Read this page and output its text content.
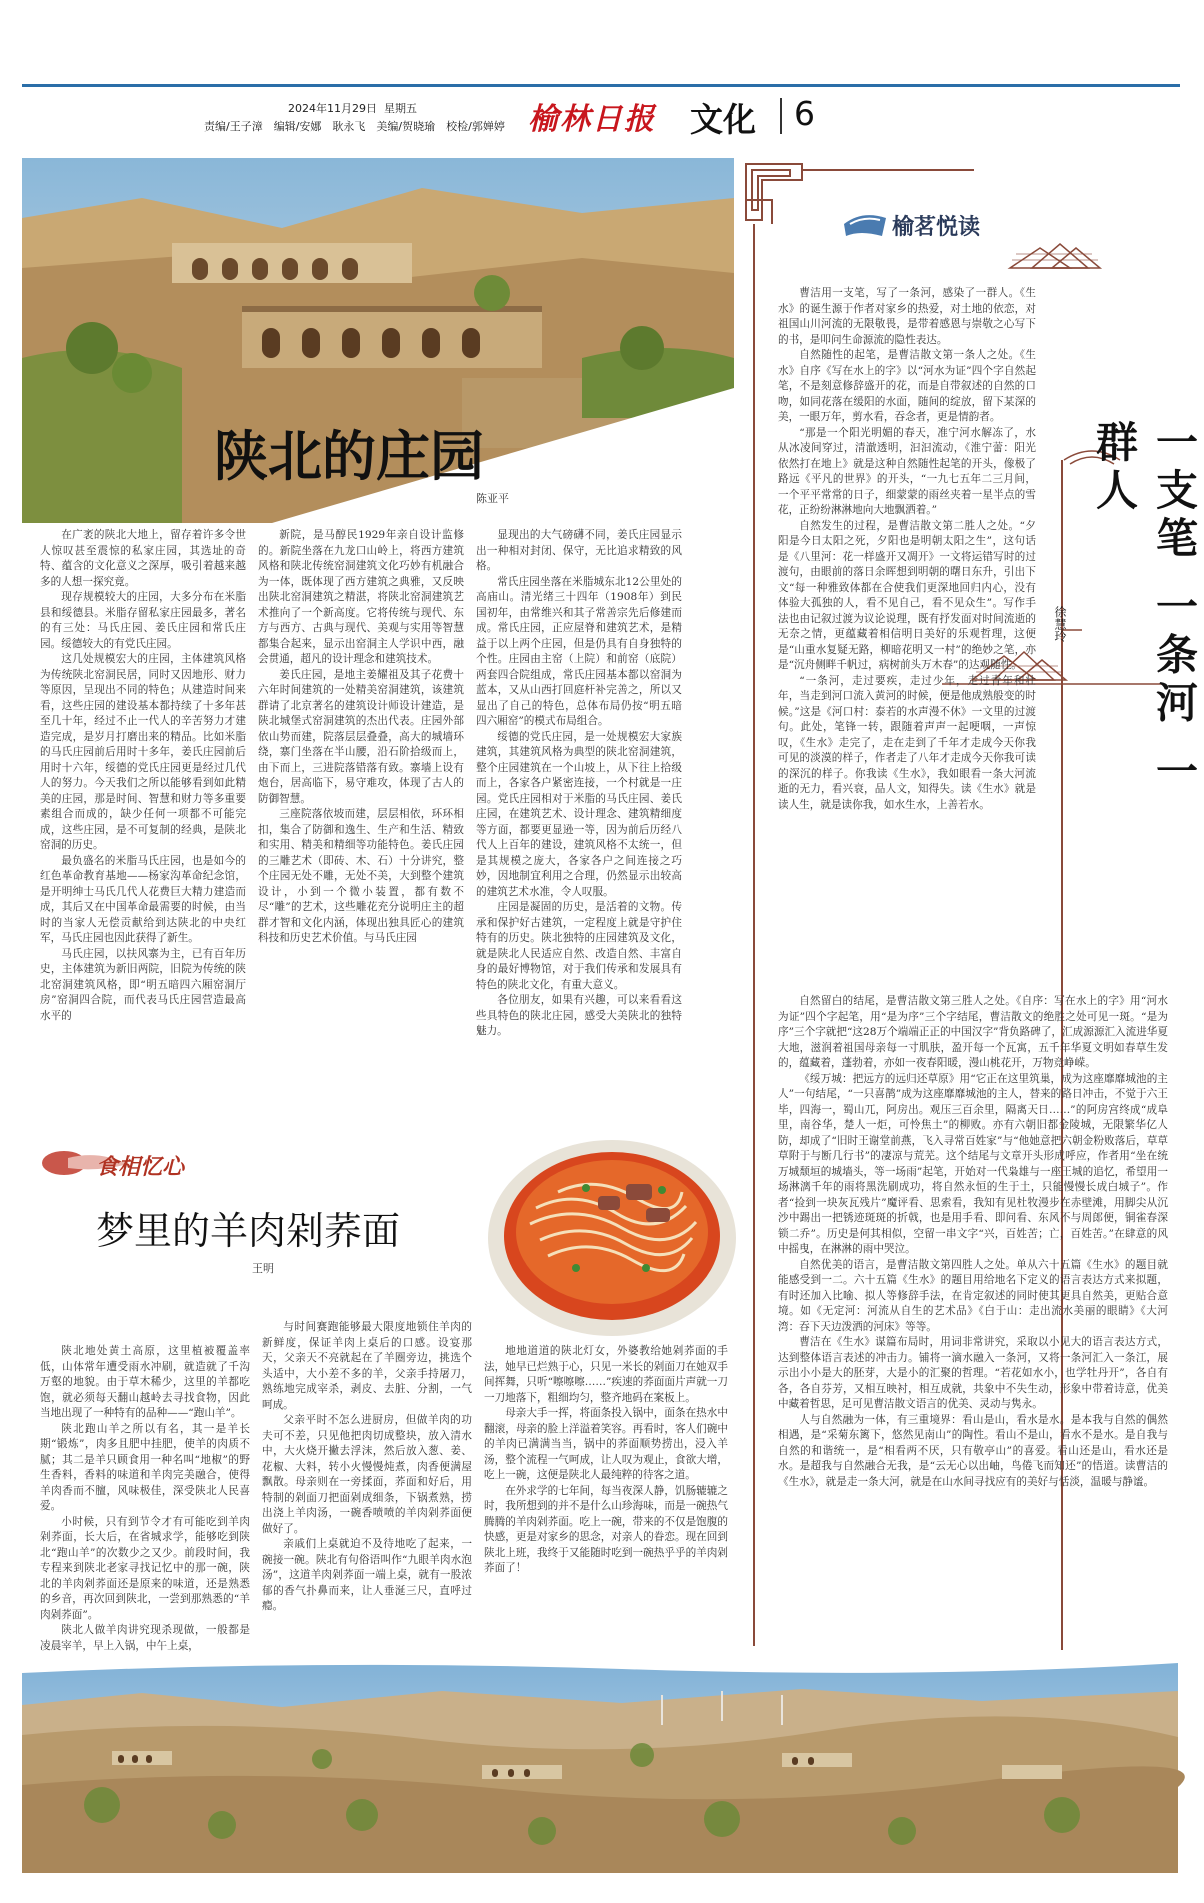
2024年11月29日 星期五
责编/王子漳　编辑/安娜　耿永飞　美编/贺晓瑜　校检/郭婵婷 榆林日报 文化 6
陕北的庄园
陈亚平

在广袤的陕北大地上，留存着许多令世人惊叹甚至震惊的私家庄园，其选址的奇特、蕴含的文化意义之深厚，吸引着越来越多的人想一探究竟。

现存规模较大的庄园，大多分布在米脂县和绥德县。米脂存留私家庄园最多，著名的有三处：马氏庄园、姜氏庄园和常氏庄园。绥德较大的有党氏庄园。

这几处规模宏大的庄园，主体建筑风格为传统陕北窑洞民居，同时又因地形、财力等原因，呈现出不同的特色；从建造时间来看，这些庄园的建设基本都持续了十多年甚至几十年，经过不止一代人的辛苦努力才建造完成，是岁月打磨出来的精品。比如米脂的马氏庄园前后用时十多年，姜氏庄园前后用时十六年，绥德的党氏庄园更是经过几代人的努力。今天我们之所以能够看到如此精美的庄园，那是时间、智慧和财力等多重要素组合而成的，缺少任何一项都不可能完成，这些庄园，是不可复制的经典，是陕北窑洞的历史。

最负盛名的米脂马氏庄园，也是如今的红色革命教育基地——杨家沟革命纪念馆，是开明绅士马氏几代人花费巨大精力建造而成，其后又在中国革命最需要的时候，由当时的当家人无偿贡献给到达陕北的中央红军，马氏庄园也因此获得了新生。

马氏庄园，以扶风寨为主，已有百年历史，主体建筑为新旧两院，旧院为传统的陕北窑洞建筑风格，即“明五暗四六厢窑洞厅房”窑洞四合院，而代表马氏庄园营造最高水平的

新院，是马醇民1929年亲自设计监修的。新院坐落在九龙口山岭上，将西方建筑风格和陕北传统窑洞建筑文化巧妙有机融合为一体，既体现了西方建筑之典雅，又反映出陕北窑洞建筑之精湛，将陕北窑洞建筑艺术推向了一个新高度。它将传统与现代、东方与西方、古典与现代、美观与实用等智慧都集合起来，显示出窑洞主人学识中西，融会贯通，超凡的设计理念和建筑技术。

姜氏庄园，是地主姜耀祖及其子花费十六年时间建筑的一处精美窑洞建筑，该建筑群请了北京著名的建筑设计师设计建造，是陕北城堡式窑洞建筑的杰出代表。庄园外部依山势而建，院落层层叠叠，高大的城墙环绕，寨门坐落在半山腰，沿石阶拾级而上，由下而上，三进院落错落有致。寨墙上设有炮台，居高临下，易守难攻，体现了古人的防御智慧。

三座院落依坡而建，层层相依，环环相扣，集合了防御和逸生、生产和生活、精致和实用、精美和精细等功能特色。姜氏庄园的三雕艺术（即砖、木、石）十分讲究，整个庄园无处不雕，无处不美，大到整个建筑设计，小到一个微小装置，都有数不尽“雕”的艺术，这些雕花充分说明庄主的超群才智和文化内涵，体现出独具匠心的建筑科技和历史艺术价值。与马氏庄园

显现出的大气磅礴不同，姜氏庄园显示出一种相对封闭、保守，无比追求精致的风格。

常氏庄园坐落在米脂城东北12公里处的高庙山。清光绪三十四年（1908年）到民国初年，由常维兴和其子常善宗先后修建而成。常氏庄园，正应屋脊和建筑艺术，是精益于以上两个庄园，但是仍具有自身独特的个性。庄园由主窑（上院）和前窑（底院）两套四合院组成，常氏庄园基本都以窑洞为蓝本，又从山西打回庭杆补完善之，所以又显出了自己的特色，总体布局仍按“明五暗四六厢窑”的模式布局组合。

绥德的党氏庄园，是一处规模宏大家族建筑，其建筑风格为典型的陕北窑洞建筑，整个庄园建筑在一个山坡上，从下往上拾级而上，各家各户紧密连接，一个村就是一庄园。党氏庄园相对于米脂的马氏庄园、姜氏庄园，在建筑艺术、设计理念、建筑精细度等方面，都要更显逊一等，因为前后历经八代人上百年的建设，建筑风格不太统一，但是其规模之庞大，各家各户之间连接之巧妙，因地制宜利用之合理，仍然显示出较高的建筑艺术水准，令人叹服。

庄园是凝固的历史，是活着的文物。传承和保护好古建筑，一定程度上就是守护住特有的历史。陕北独特的庄园建筑及文化，就是陕北人民适应自然、改造自然、丰富自身的最好博物馆，对于我们传承和发展具有特色的陕北文化，有重大意义。

各位朋友，如果有兴趣，可以来看看这些具特色的陕北庄园，感受大美陕北的独特魅力。

食相忆心
梦里的羊肉剁荞面
王明

陕北地处黄土高原，这里植被覆盖率低，山体常年遭受雨水冲刷，就造就了千沟万壑的地貌。由于草木稀少，这里的羊都吃饱，就必须每天翻山越岭去寻找食物，因此当地出现了一种特有的品种——“跑山羊”。

陕北跑山羊之所以有名，其一是羊长期“锻炼”，肉多且肥中挂肥，使羊的肉质不腻；其二是羊只顾食用一种名叫“地椒”的野生香料，香料的味道和羊肉完美融合，使得羊肉香而不膻，风味极佳，深受陕北人民喜爱。

小时候，只有到节令才有可能吃到羊肉剁荞面，长大后，在省城求学，能够吃到陕北“跑山羊”的次数少之又少。前段时间，我专程来到陕北老家寻找记忆中的那一碗，陕北的羊肉剁荞面还是原来的味道，还是熟悉的乡音，再次回到陕北，一尝到那熟悉的“羊肉剁荞面”。

陕北人做羊肉讲究现杀现做，一般都是凌晨宰羊，早上入锅，中午上桌，

与时间赛跑能够最大限度地锁住羊肉的新鲜度，保证羊肉上桌后的口感。设宴那天，父亲天不亮就起在了羊圈旁边，挑选个头适中，大小差不多的羊，父亲手持屠刀，熟练地完成宰杀，剥皮、去脏、分割，一气呵成。

父亲平时不怎么进厨房，但做羊肉的功夫可不差，只见他把肉切成整块，放入清水中，大火烧开撇去浮沫，然后放入葱、姜、花椒、大料，转小火慢慢炖煮，肉香便满屋飘散。母亲则在一旁揉面，荞面和好后，用特制的剁面刀把面剁成细条，下锅煮熟，捞出浇上羊肉汤，一碗香喷喷的羊肉剁荞面便做好了。

亲戚们上桌就迫不及待地吃了起来，一碗接一碗。陕北有句俗语叫作“九眼羊肉水泡汤”，这道羊肉剁荞面一端上桌，就有一股浓郁的香气扑鼻而来，让人垂涎三尺，直呼过瘾。

地地道道的陕北灯女，外婆教给她剁荞面的手法，她早已烂熟于心，只见一米长的剁面刀在她双手间挥舞，只听“嚓嚓嚓……”疾速的荞面面片声就一刀一刀地落下，粗细均匀，整齐地码在案板上。

母亲大手一挥，将面条投入锅中，面条在热水中翻滚，母亲的脸上洋溢着笑容。再看时，客人们碗中的羊肉已满满当当，锅中的荞面顺势捞出，浸入羊汤，整个流程一气呵成，让人叹为观止，食欲大增，吃上一碗，这便是陕北人最纯粹的待客之道。

在外求学的七年间，每当夜深人静，饥肠辘辘之时，我所想到的并不是什么山珍海味，而是一碗热气腾腾的羊肉剁荞面。吃上一碗，带来的不仅是饱腹的快感，更是对家乡的思念，对亲人的眷恋。现在回到陕北上班，我终于又能随时吃到一碗热乎乎的羊肉剁荞面了！

榆茗悦读
一支笔 一条河 一群人
徐慧玲

曹洁用一支笔，写了一条河，感染了一群人。《生水》的诞生源于作者对家乡的热爱，对土地的依恋，对祖国山川河流的无限敬畏，是带着感恩与崇敬之心写下的书，是叩问生命源流的隐性表达。

自然随性的起笔，是曹洁散文第一条人之处。《生水》自序《写在水上的字》以“河水为证”四个字自然起笔，不是刻意修辞盛开的花，而是自带叙述的自然的口吻，如同花落在缓阳的水面，随间的绽放，留下某深的美，一眼万年，剪水看，吞念者，更是情韵者。

“那是一个阳光明媚的春天，准宁河水解冻了，水从冰凌间穿过，清澈透明，汩汩流动，《淮宁蕾：阳光依然打在地上》就是这种自然随性起笔的开头，像极了路远《平凡的世界》的开头，“一九七五年二三月间，一个平平常常的日子，细蒙蒙的雨丝夹着一星半点的雪花，正纷纷淋淋地向大地飘洒着。”

自然发生的过程，是曹洁散文第二胜人之处。“夕阳是今日太阳之死，夕阳也是明朝太阳之生”，这句话是《八里河：花一样盛开又凋开》一文将运错写时的过渡句，由眼前的落日余晖想到明朝的曙日东升，引出下文“每一种雅致体都在合使我们更深地回归内心，没有体验大孤独的人，看不见自己，看不见众生”。写作手法也由记叙过渡为议论说理，既有抒发面对时间流逝的无奈之情，更蕴藏着相信明日美好的乐观哲理，这便是“山重水复疑无路，柳暗花明又一村”的绝妙之笔，亦是“沉舟侧畔千帆过，病树前头万木春”的达观随性。

“一条河，走过要疾，走过少年，走过青年和壮年，当走到河口流入黄河的时候，便是他成熟般变的时候。”这是《河口村：泰若的水声漫不休》一文里的过渡句。此处，笔锋一转，跟随着声声一起哽咽，一声惊叹，《生水》走完了，走在走到了千年才走成今天你我可见的淡漠的样子，作者走了八年才走成今天你我可读的深沉的样子。你我读《生水》，我如眼看一条大河流逝的无力，看兴衰，品人文，知得失。读《生水》就是读人生，就是读你我，如水生水，上善若水。

自然留白的结尾，是曹洁散文第三胜人之处。《自序：写在水上的字》用“河水为证”四个字起笔，用“是为序”三个字结尾，曹洁散文的绝胜之处可见一斑。“是为序”三个字就把“这28万个端端正正的中国汉字”背负路碑了，汇成源源汇入流进华夏大地，滋润着祖国母亲每一寸肌肤，盈开每一个瓦寓，五千年华夏文明如春草生发的，蕴藏着，蓬勃着，亦如一夜春阳暖，漫山桃花开，万物竞峥嵘。

《绥万城：把远方的远归还草原》用“它正在这里筑巢，成为这座靡靡城池的主人”一句结尾，“一只喜鹊”成为这座靡靡城池的主人，替来的路日冲击，不觉于六王毕，四海一，蜀山兀，阿房出。观压三百余里，隔离天日……”的阿房宫终成“成阜里，南谷华，楚人一炬，可怜焦土”的柳败。亦有六朝旧都金陵城，无限繁华亿人防，却成了“旧时王谢堂前燕，飞入寻常百姓家”与“他她意把六朝金粉败落后，草草草附于与断几行书”的凄凉与荒芜。这个结尾与文章开头形成呼应，作者用“坐在统万城颓垣的城墙头，等一场雨”起笔，开始对一代枭雄与一座王城的追忆，希望用一场淋漓千年的雨将黑洗刷成功，将自然永恒的生于土，只能慢慢长成白城子”。作者“捡到一块灰瓦残片”魔评看、思索看，我知有见杜牧漫步在赤壁滩，用脚尖从沉沙中踢出一把锈迹斑斑的折戟，也是用手看、即问看、东风不与周郎便，铜雀春深锁二乔”。历史是何其相似，空留一串文字“兴，百姓苦；亡，百姓苦。”在肆意的风中摇曳，在淋淋的雨中哭泣。

自然优美的语言，是曹洁散文第四胜人之处。单从六十五篇《生水》的题目就能感受到一二。六十五篇《生水》的题目用给地名下定义的语言表达方式来拟题，有时还加入比喻、拟人等修辞手法，在肯定叙述的同时使其更具自然美，更贴合意境。如《无定河：河流从自生的艺术品》《白于山：走出流水美丽的眼睛》《大河湾：吞下天边泼洒的河床》等等。

曹洁在《生水》谋篇布局时，用词非常讲究，采取以小见大的语言表达方式，达到整体语言表述的冲击力。铺将一滴水融入一条河，又将一条河汇入一条江，展示出小小是大的胚芽，大是小的汇聚的哲理。“若花如水小，也学牡丹开”，各自有各，各自芬芳，又相互映衬，相互成就，共象中不失生动，形象中带着诗意，优美中藏着哲思，足可见曹洁散文语言的优美、灵动与隽永。

人与自然融为一体，有三重境界：看山是山，看水是水。是本我与自然的偶然相遇，是“采菊东篱下，悠然见南山”的陶性。看山不是山，看水不是水。是自我与自然的和谐统一，是“相看两不厌，只有敬亭山”的喜爱。看山还是山，看水还是水。是超我与自然融合无我，是“云无心以出岫，鸟倦飞而知还”的悟道。读曹洁的《生水》，就是走一条大河，就是在山水间寻找应有的美好与恬淡，温暖与静谧。
